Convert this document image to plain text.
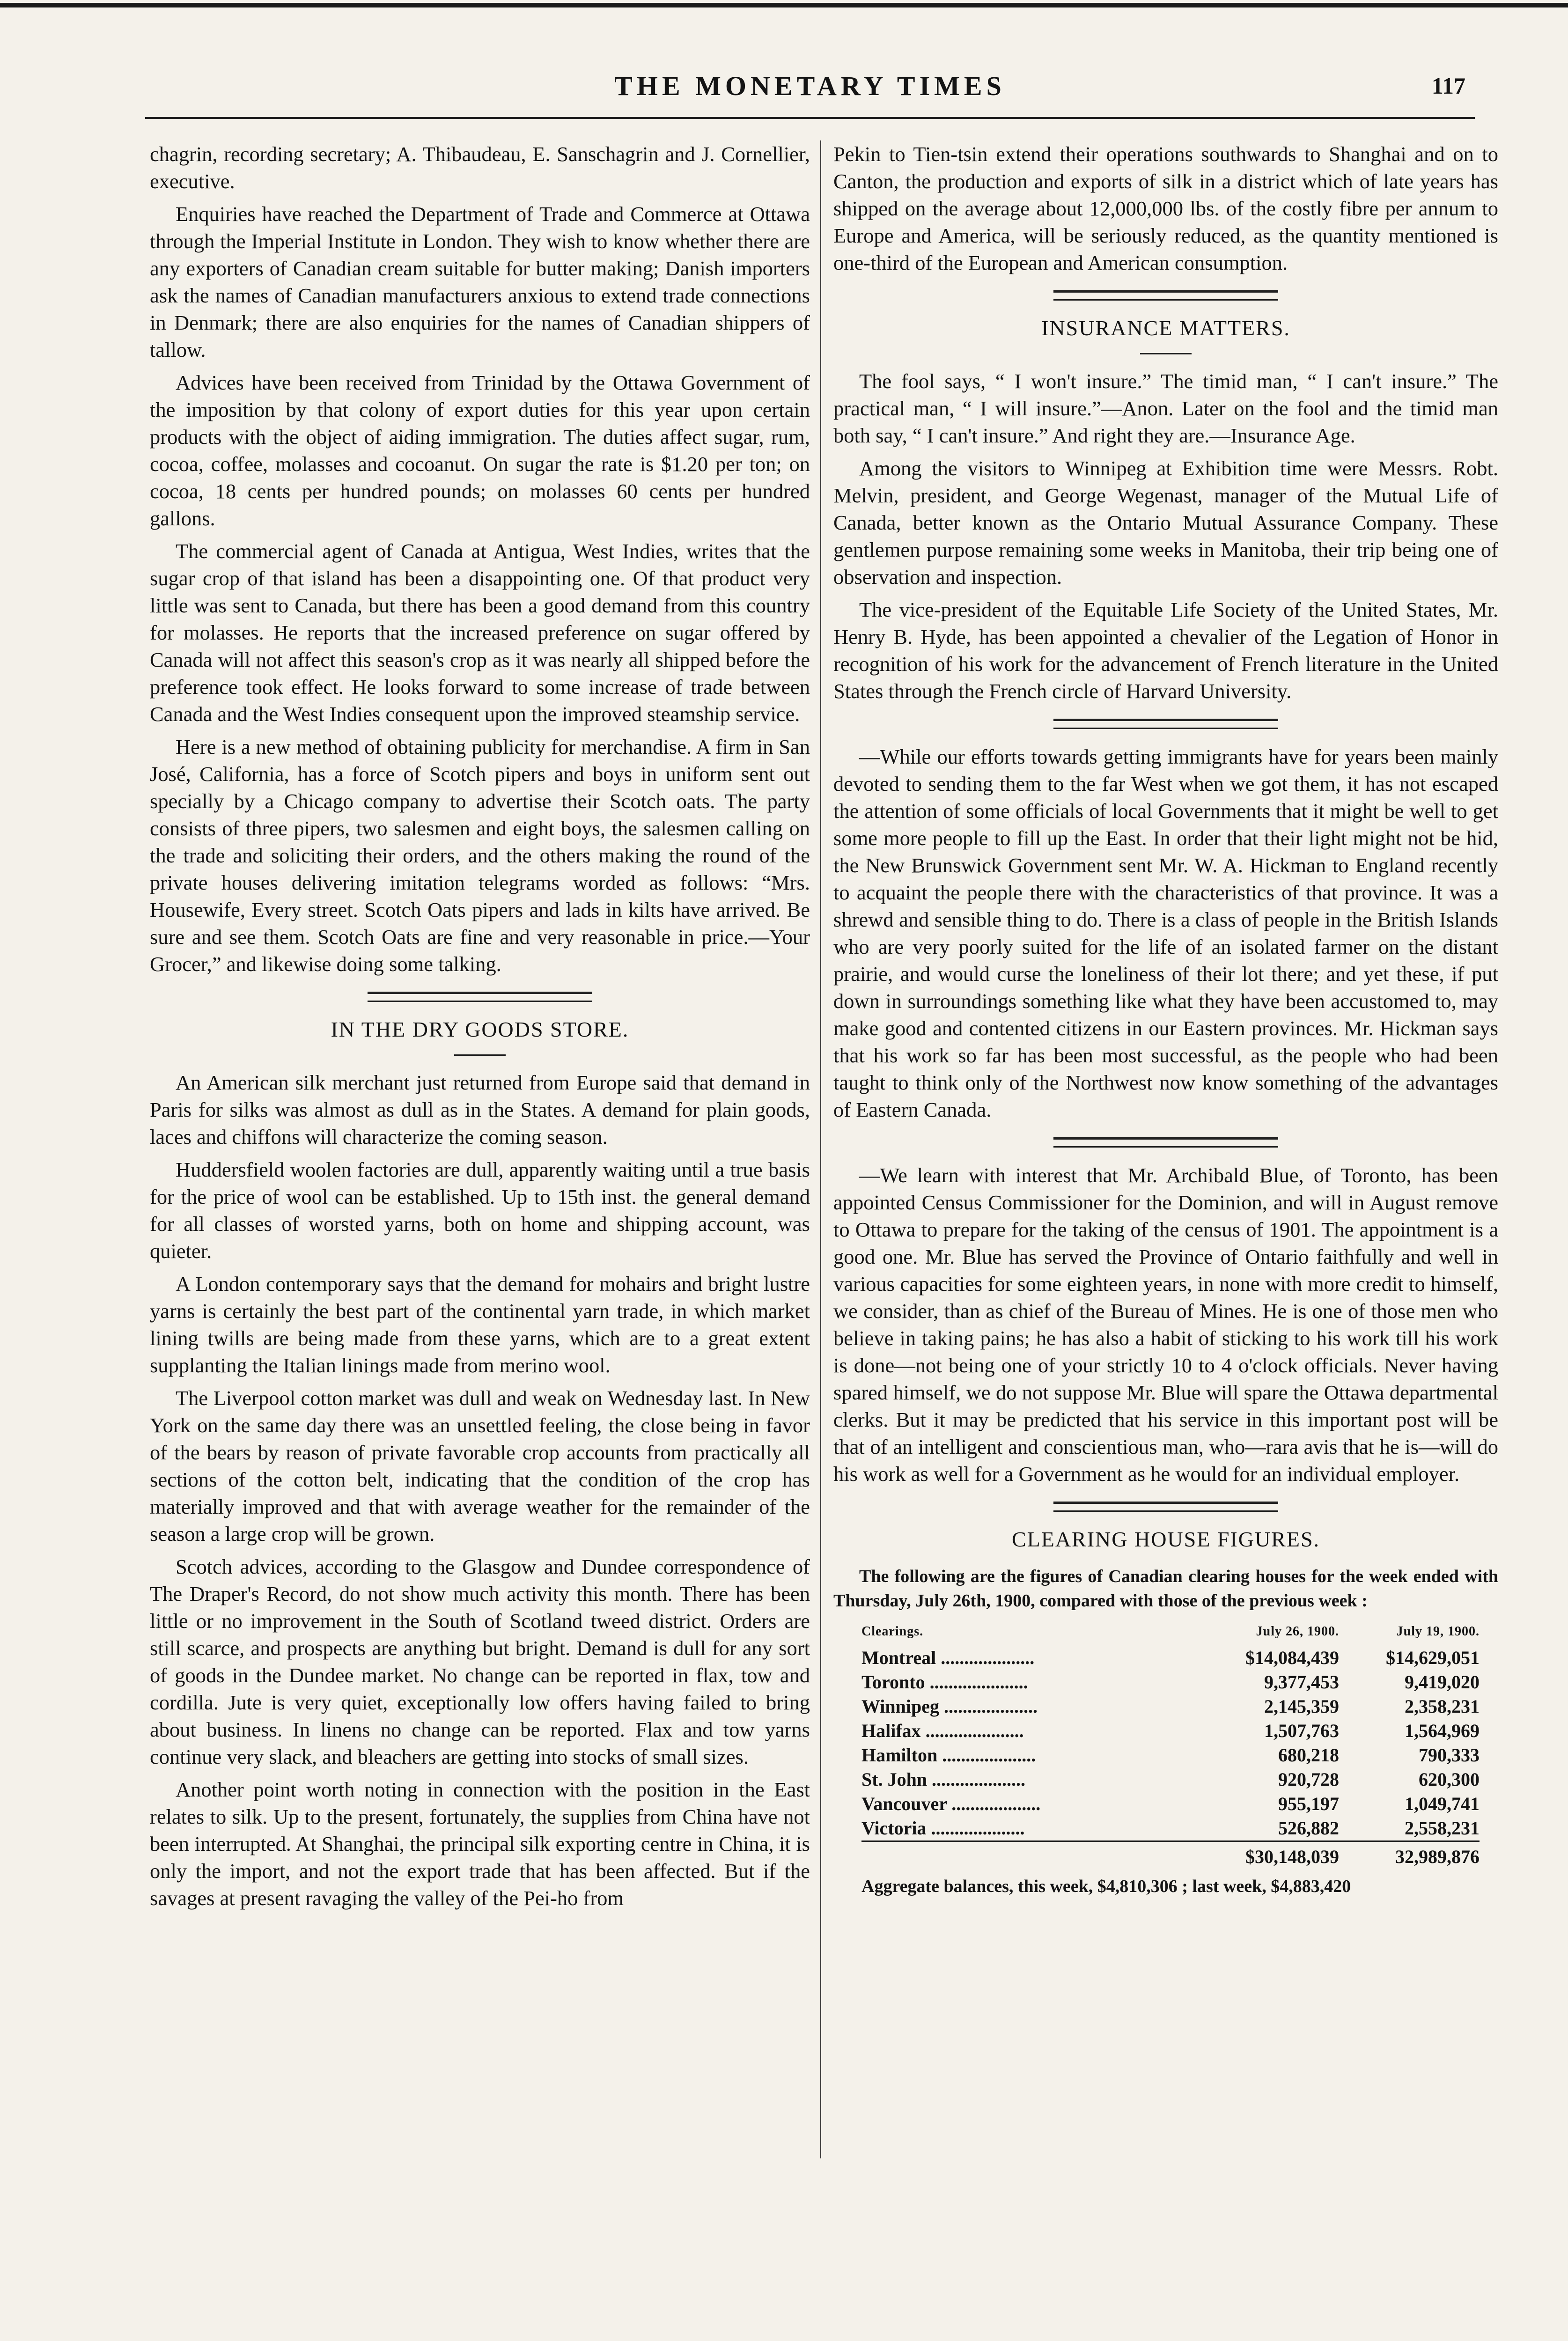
THE MONETARY TIMES	117

chagrin, recording secretary; A. Thibaudeau, E. Sanschagrin and J. Cornellier, executive.

Enquiries have reached the Department of Trade and Commerce at Ottawa through the Imperial Institute in London. They wish to know whether there are any exporters of Canadian cream suitable for butter making; Danish importers ask the names of Canadian manufacturers anxious to extend trade connections in Denmark; there are also enquiries for the names of Canadian shippers of tallow.

Advices have been received from Trinidad by the Ottawa Government of the imposition by that colony of export duties for this year upon certain products with the object of aiding immigration. The duties affect sugar, rum, cocoa, coffee, molasses and cocoanut. On sugar the rate is $1.20 per ton; on cocoa, 18 cents per hundred pounds; on molasses 60 cents per hundred gallons.

The commercial agent of Canada at Antigua, West Indies, writes that the sugar crop of that island has been a disappointing one. Of that product very little was sent to Canada, but there has been a good demand from this country for molasses. He reports that the increased preference on sugar offered by Canada will not affect this season's crop as it was nearly all shipped before the preference took effect. He looks forward to some increase of trade between Canada and the West Indies consequent upon the improved steamship service.

Here is a new method of obtaining publicity for merchandise. A firm in San José, California, has a force of Scotch pipers and boys in uniform sent out specially by a Chicago company to advertise their Scotch oats. The party consists of three pipers, two salesmen and eight boys, the salesmen calling on the trade and soliciting their orders, and the others making the round of the private houses delivering imitation telegrams worded as follows: “Mrs. Housewife, Every street. Scotch Oats pipers and lads in kilts have arrived. Be sure and see them. Scotch Oats are fine and very reasonable in price.—Your Grocer,” and likewise doing some talking.

IN THE DRY GOODS STORE.

An American silk merchant just returned from Europe said that demand in Paris for silks was almost as dull as in the States. A demand for plain goods, laces and chiffons will characterize the coming season.

Huddersfield woolen factories are dull, apparently waiting until a true basis for the price of wool can be established. Up to 15th inst. the general demand for all classes of worsted yarns, both on home and shipping account, was quieter.

A London contemporary says that the demand for mohairs and bright lustre yarns is certainly the best part of the continental yarn trade, in which market lining twills are being made from these yarns, which are to a great extent supplanting the Italian linings made from merino wool.

The Liverpool cotton market was dull and weak on Wednesday last. In New York on the same day there was an unsettled feeling, the close being in favor of the bears by reason of private favorable crop accounts from practically all sections of the cotton belt, indicating that the condition of the crop has materially improved and that with average weather for the remainder of the season a large crop will be grown.

Scotch advices, according to the Glasgow and Dundee correspondence of The Draper's Record, do not show much activity this month. There has been little or no improvement in the South of Scotland tweed district. Orders are still scarce, and prospects are anything but bright. Demand is dull for any sort of goods in the Dundee market. No change can be reported in flax, tow and cordilla. Jute is very quiet, exceptionally low offers having failed to bring about business. In linens no change can be reported. Flax and tow yarns continue very slack, and bleachers are getting into stocks of small sizes.

Another point worth noting in connection with the position in the East relates to silk. Up to the present, fortunately, the supplies from China have not been interrupted. At Shanghai, the principal silk exporting centre in China, it is only the import, and not the export trade that has been affected. But if the savages at present ravaging the valley of the Pei-ho from

Pekin to Tien-tsin extend their operations southwards to Shanghai and on to Canton, the production and exports of silk in a district which of late years has shipped on the average about 12,000,000 lbs. of the costly fibre per annum to Europe and America, will be seriously reduced, as the quantity mentioned is one-third of the European and American consumption.

INSURANCE MATTERS.

The fool says, “ I won't insure.” The timid man, “ I can't insure.” The practical man, “ I will insure.”—Anon. Later on the fool and the timid man both say, “ I can't insure.” And right they are.—Insurance Age.

Among the visitors to Winnipeg at Exhibition time were Messrs. Robt. Melvin, president, and George Wegenast, manager of the Mutual Life of Canada, better known as the Ontario Mutual Assurance Company. These gentlemen purpose remaining some weeks in Manitoba, their trip being one of observation and inspection.

The vice-president of the Equitable Life Society of the United States, Mr. Henry B. Hyde, has been appointed a chevalier of the Legation of Honor in recognition of his work for the advancement of French literature in the United States through the French circle of Harvard University.

—While our efforts towards getting immigrants have for years been mainly devoted to sending them to the far West when we got them, it has not escaped the attention of some officials of local Governments that it might be well to get some more people to fill up the East. In order that their light might not be hid, the New Brunswick Government sent Mr. W. A. Hickman to England recently to acquaint the people there with the characteristics of that province. It was a shrewd and sensible thing to do. There is a class of people in the British Islands who are very poorly suited for the life of an isolated farmer on the distant prairie, and would curse the loneliness of their lot there; and yet these, if put down in surroundings something like what they have been accustomed to, may make good and contented citizens in our Eastern provinces. Mr. Hickman says that his work so far has been most successful, as the people who had been taught to think only of the Northwest now know something of the advantages of Eastern Canada.

—We learn with interest that Mr. Archibald Blue, of Toronto, has been appointed Census Commissioner for the Dominion, and will in August remove to Ottawa to prepare for the taking of the census of 1901. The appointment is a good one. Mr. Blue has served the Province of Ontario faithfully and well in various capacities for some eighteen years, in none with more credit to himself, we consider, than as chief of the Bureau of Mines. He is one of those men who believe in taking pains; he has also a habit of sticking to his work till his work is done—not being one of your strictly 10 to 4 o'clock officials. Never having spared himself, we do not suppose Mr. Blue will spare the Ottawa departmental clerks. But it may be predicted that his service in this important post will be that of an intelligent and conscientious man, who—rara avis that he is—will do his work as well for a Government as he would for an individual employer.

CLEARING HOUSE FIGURES.
The following are the figures of Canadian clearing houses for the week ended with Thursday, July 26th, 1900, compared with those of the previous week :
Clearings.	July 26, 1900.	July 19, 1900.
Montreal ....................	$14,084,439	$14,629,051
Toronto .....................	9,377,453	9,419,020
Winnipeg ....................	2,145,359	2,358,231
Halifax .....................	1,507,763	1,564,969
Hamilton ....................	680,218	790,333
St. John ....................	920,728	620,300
Vancouver ...................	955,197	1,049,741
Victoria ....................	526,882	2,558,231
	$30,148,039	32,989,876
Aggregate balances, this week, $4,810,306 ; last week, $4,883,420
